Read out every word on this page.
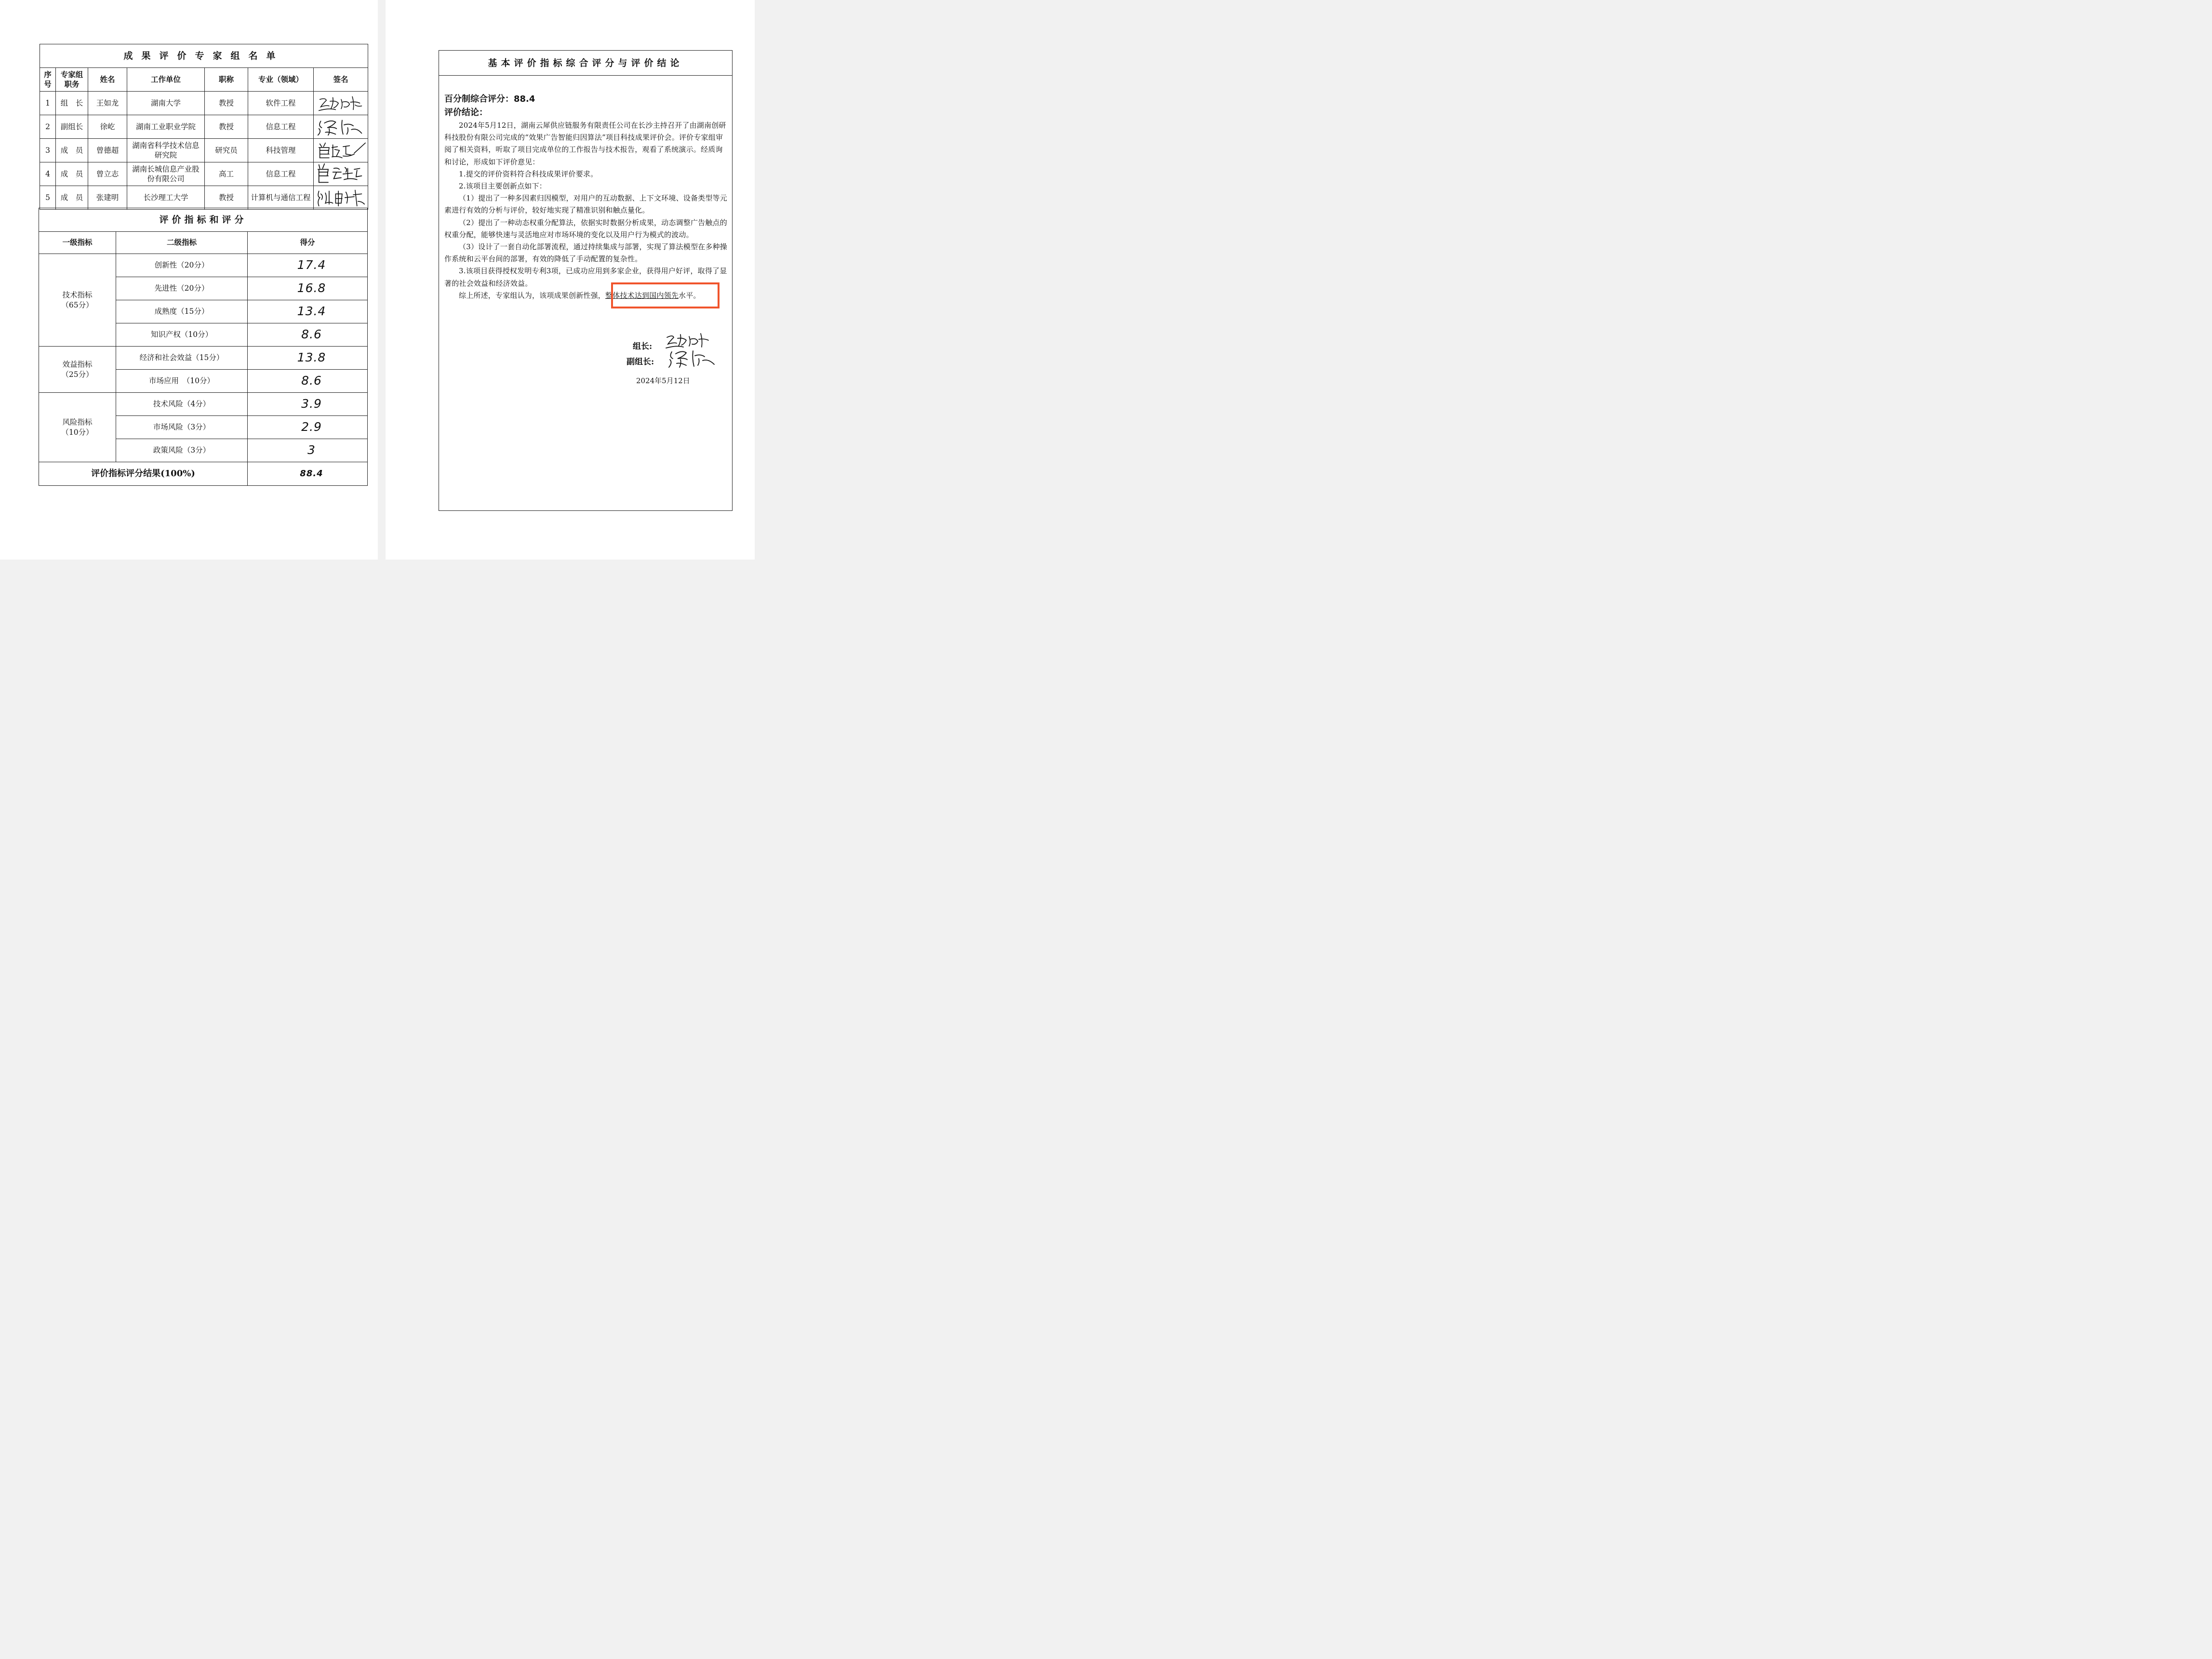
成果评价专家组名单						
序号	专家组职务	姓名	工作单位	职称	专业（领域）	签名
1	组　长	王如龙	湖南大学	教授	软件工程	

2	副组长	徐屹	湖南工业职业学院	教授	信息工程	

3	成　员	曾德超	湖南省科学技术信息研究院	研究员	科技管理	

4	成　员	曾立志	湖南长城信息产业股份有限公司	高工	信息工程	

5	成　员	张建明	长沙理工大学	教授	计算机与通信工程	
评价指标和评分		
一级指标	二级指标	得分

技术指标
（65分）	创新性（20分）	17.4
	先进性（20分）	16.8
	成熟度（15分）	13.4
	知识产权（10分）	8.6

效益指标
（25分）	经济和社会效益（15分）	13.8
	市场应用　（10分）	8.6

风险指标
（10分）	技术风险（4分）	3.9
	市场风险（3分）	2.9
	政策风险（3分）	3
评价指标评分结果(100%)		88.4
基本评价指标综合评分与评价结论
百分制综合评分：88.4
评价结论：

2024年5月12日，湖南云犀供应链服务有限责任公司在长沙主持召开了由湖南创研科技股份有限公司完成的“效果广告智能归因算法”项目科技成果评价会。评价专家组审阅了相关资料，听取了项目完成单位的工作报告与技术报告，观看了系统演示。经质询和讨论，形成如下评价意见：

1.提交的评价资料符合科技成果评价要求。

2.该项目主要创新点如下：

（1）提出了一种多因素归因模型，对用户的互动数据、上下文环境、设备类型等元素进行有效的分析与评价，较好地实现了精准识别和触点量化。

（2）提出了一种动态权重分配算法，依据实时数据分析成果，动态调整广告触点的权重分配，能够快速与灵活地应对市场环境的变化以及用户行为模式的波动。

（3）设计了一套自动化部署流程，通过持续集成与部署，实现了算法模型在多种操作系统和云平台间的部署，有效的降低了手动配置的复杂性。

3.该项目获得授权发明专利3项，已成功应用到多家企业，获得用户好评，取得了显著的社会效益和经济效益。

综上所述，专家组认为，该项成果创新性强，整体技术达到国内领先水平。

组长:
副组长:
2024年5月12日
